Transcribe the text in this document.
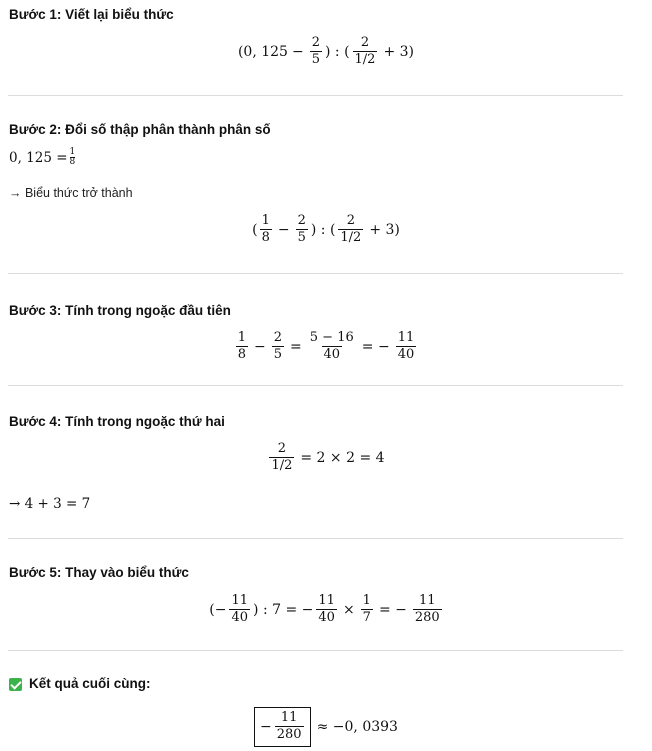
Bước 1: Viết lại biểu thức
(0, $125 - \frac{2}{5}$ ) : ( $\frac{2}{1/2} + 3$)
Bước 2: Đổi số thập phân thành phân số
0, $125 = \frac{1}{8}$
→ Biểu thức trở thành
( $\frac{1}{8} - \frac{2}{5}$ ) : ( $\frac{2}{1/2} + 3$)
Bước 3: Tính trong ngoặc đầu tiên
$\frac{1}{8} - \frac{2}{5} = \frac{5 - 16}{40}$ = − $\frac{11}{40}$
Bước 4: Tính trong ngoặc thứ hai
$\frac{2}{1/2} = 2 \times 2 = 4$
→ 4 + 3 = 7
Bước 5: Thay vào biểu thức
(− $\frac{11}{40}$ ) : 7 = − $\frac{11}{40} \times \frac{1}{7}$ = − $\frac{11}{280}$
Kết quả cuối cùng:
− $\frac{11}{280} \approx -0$, 0393
